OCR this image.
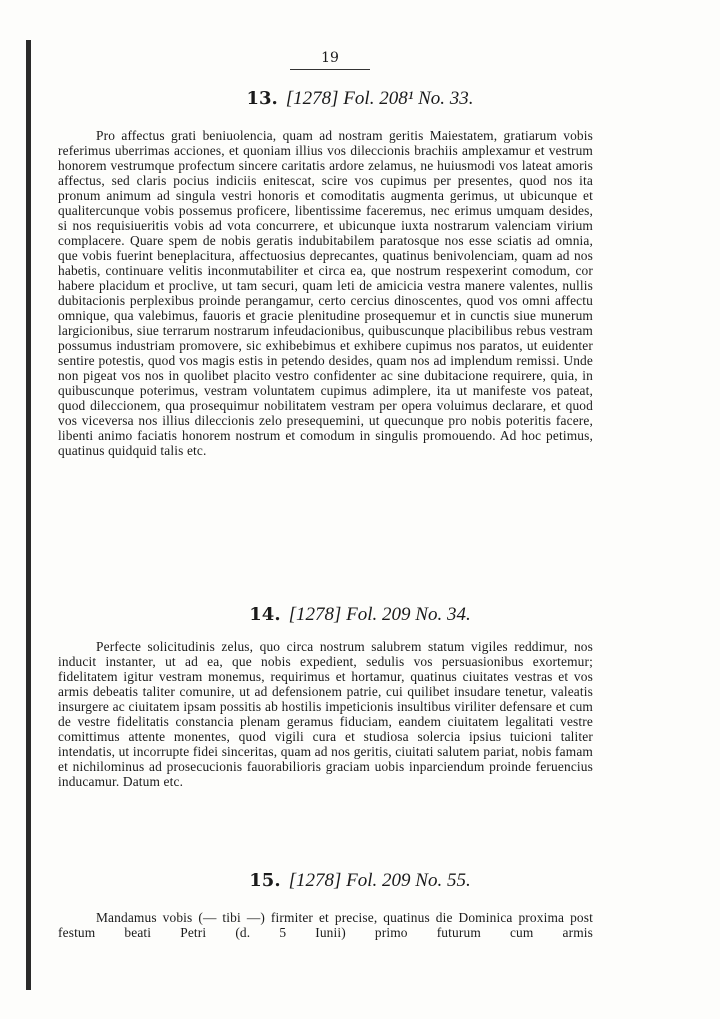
19
13. [1278] Fol. 208¹ No. 33.
Pro affectus grati beniuolencia, quam ad nostram geritis Maiestatem, gratiarum vobis referimus uberrimas acciones, et quoniam illius vos dileccionis brachiis amplexamur et vestrum honorem vestrumque profectum sincere caritatis ardore zelamus, ne huiusmodi vos lateat amoris affectus, sed claris pocius indiciis enitescat, scire vos cupimus per presentes, quod nos ita pronum animum ad singula vestri honoris et comoditatis augmenta gerimus, ut ubicunque et qualitercunque vobis possemus proficere, libentissime faceremus, nec erimus umquam desides, si nos requisiueritis vobis ad vota concurrere, et ubicunque iuxta nostrarum valenciam virium complacere. Quare spem de nobis geratis indubitabilem paratosque nos esse sciatis ad omnia, que vobis fuerint beneplacitura, affectuosius deprecantes, quatinus benivolenciam, quam ad nos habetis, continuare velitis inconmutabiliter et circa ea, que nostrum respexerint comodum, cor habere placidum et proclive, ut tam securi, quam leti de amicicia vestra manere valentes, nullis dubitacionis perplexibus proinde perangamur, certo cercius dinoscentes, quod vos omni affectu omnique, qua valebimus, fauoris et gracie plenitudine prosequemur et in cunctis siue munerum largicionibus, siue terrarum nostrarum infeudacionibus, quibuscunque placibilibus rebus vestram possumus industriam promovere, sic exhibebimus et exhibere cupimus nos paratos, ut euidenter sentire potestis, quod vos magis estis in petendo desides, quam nos ad implendum remissi. Unde non pigeat vos nos in quolibet placito vestro confidenter ac sine dubitacione requirere, quia, in quibuscunque poterimus, vestram voluntatem cupimus adimplere, ita ut manifeste vos pateat, quod dileccionem, qua prosequimur nobilitatem vestram per opera voluimus declarare, et quod vos viceversa nos illius dileccionis zelo presequemini, ut quecunque pro nobis poteritis facere, libenti animo faciatis honorem nostrum et comodum in singulis promouendo. Ad hoc petimus, quatinus quidquid talis etc.
14. [1278] Fol. 209 No. 34.
Perfecte solicitudinis zelus, quo circa nostrum salubrem statum vigiles reddimur, nos inducit instanter, ut ad ea, que nobis expedient, sedulis vos persuasionibus exortemur; fidelitatem igitur vestram monemus, requirimus et hortamur, quatinus ciuitates vestras et vos armis debeatis taliter comunire, ut ad defensionem patrie, cui quilibet insudare tenetur, valeatis insurgere ac ciuitatem ipsam possitis ab hostilis impeticionis insultibus viriliter defensare et cum de vestre fidelitatis constancia plenam geramus fiduciam, eandem ciuitatem legalitati vestre comittimus attente monentes, quod vigili cura et studiosa solercia ipsius tuicioni taliter intendatis, ut incorrupte fidei sinceritas, quam ad nos geritis, ciuitati salutem pariat, nobis famam et nichilominus ad prosecucionis fauorabilioris graciam uobis inparciendum proinde feruencius inducamur. Datum etc.
15. [1278] Fol. 209 No. 55.
Mandamus vobis (— tibi —) firmiter et precise, quatinus die Dominica proxima post festum beati Petri (d. 5 Iunii) primo futurum cum armis
